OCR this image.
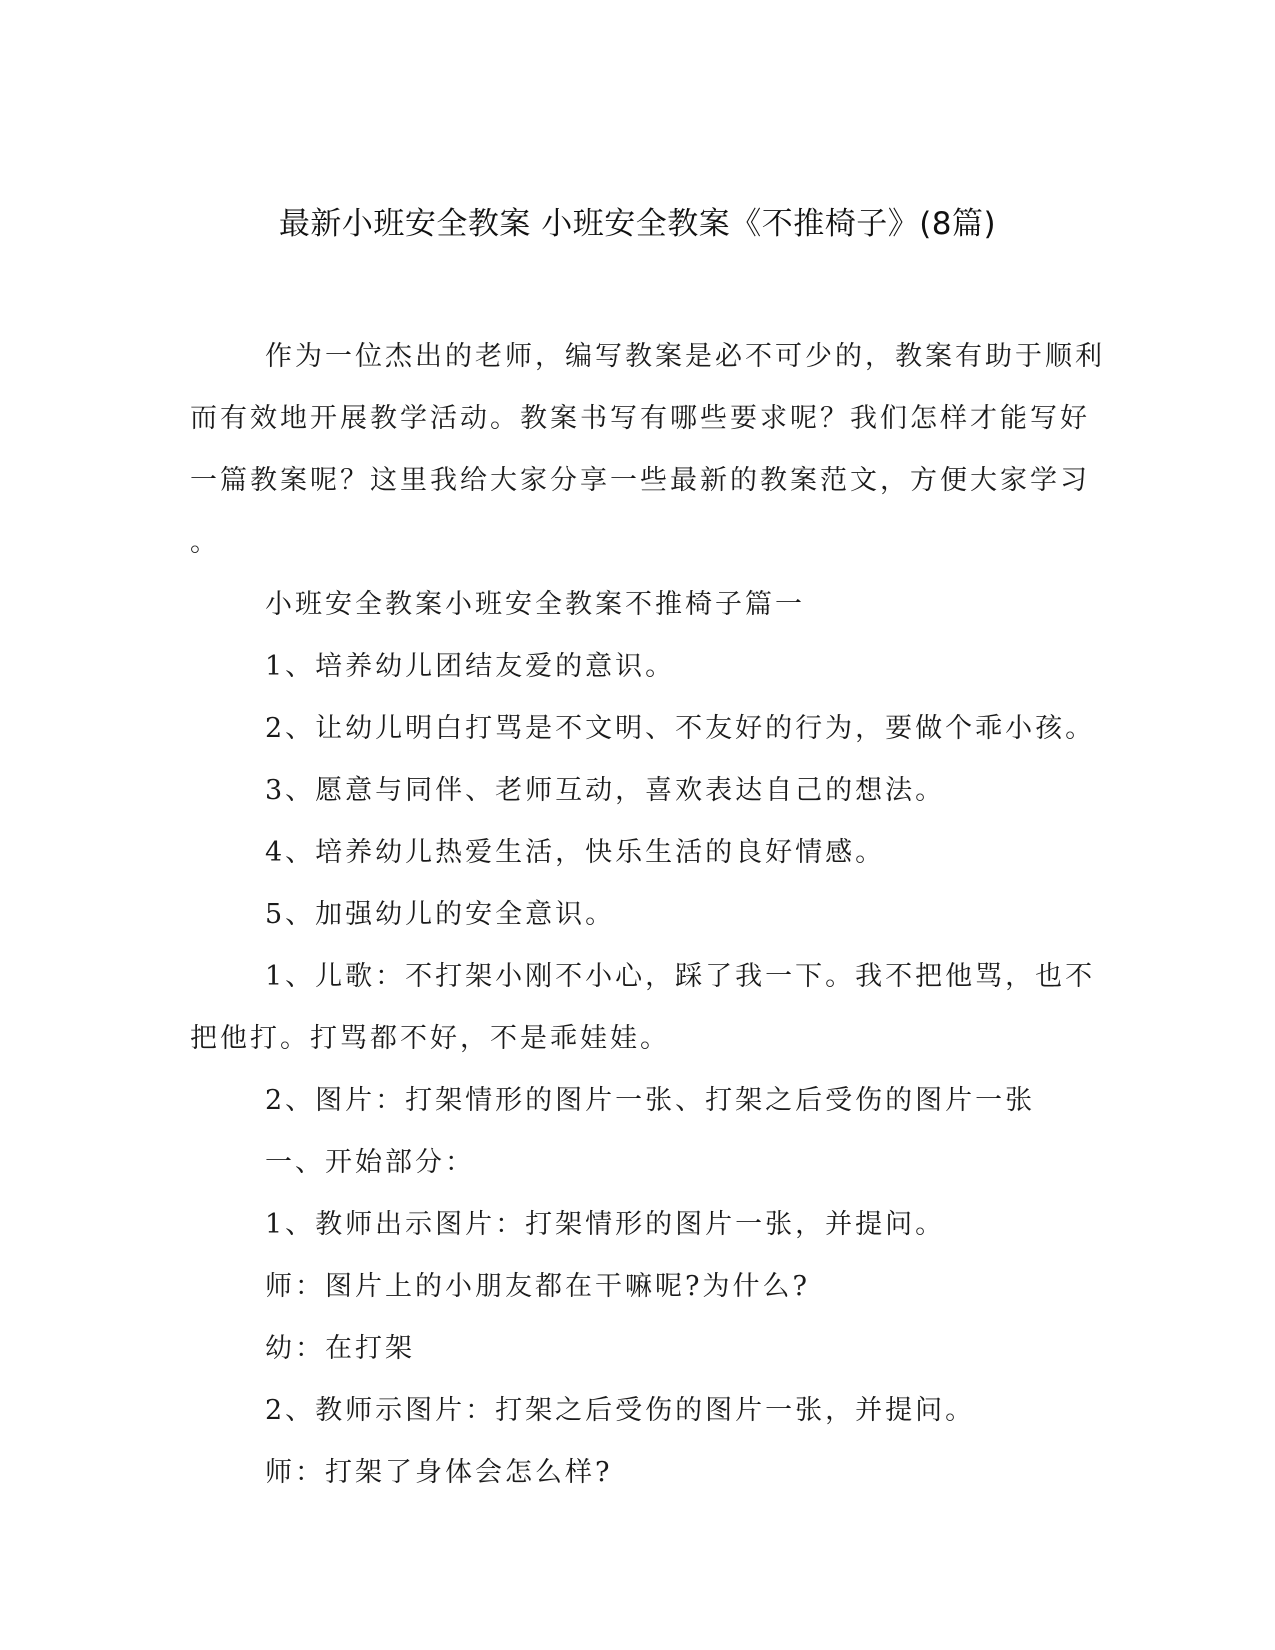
最新小班安全教案 小班安全教案《不推椅子》(8篇)

作为一位杰出的老师，编写教案是必不可少的，教案有助于顺利

而有效地开展教学活动。教案书写有哪些要求呢？我们怎样才能写好

一篇教案呢？这里我给大家分享一些最新的教案范文，方便大家学习

。

小班安全教案小班安全教案不推椅子篇一

1、培养幼儿团结友爱的意识。

2、让幼儿明白打骂是不文明、不友好的行为，要做个乖小孩。

3、愿意与同伴、老师互动，喜欢表达自己的想法。

4、培养幼儿热爱生活，快乐生活的良好情感。

5、加强幼儿的安全意识。

1、儿歌：不打架小刚不小心，踩了我一下。我不把他骂，也不

把他打。打骂都不好，不是乖娃娃。

2、图片：打架情形的图片一张、打架之后受伤的图片一张

一、开始部分：

1、教师出示图片：打架情形的图片一张，并提问。

师：图片上的小朋友都在干嘛呢?为什么?

幼：在打架

2、教师示图片：打架之后受伤的图片一张，并提问。

师：打架了身体会怎么样?
